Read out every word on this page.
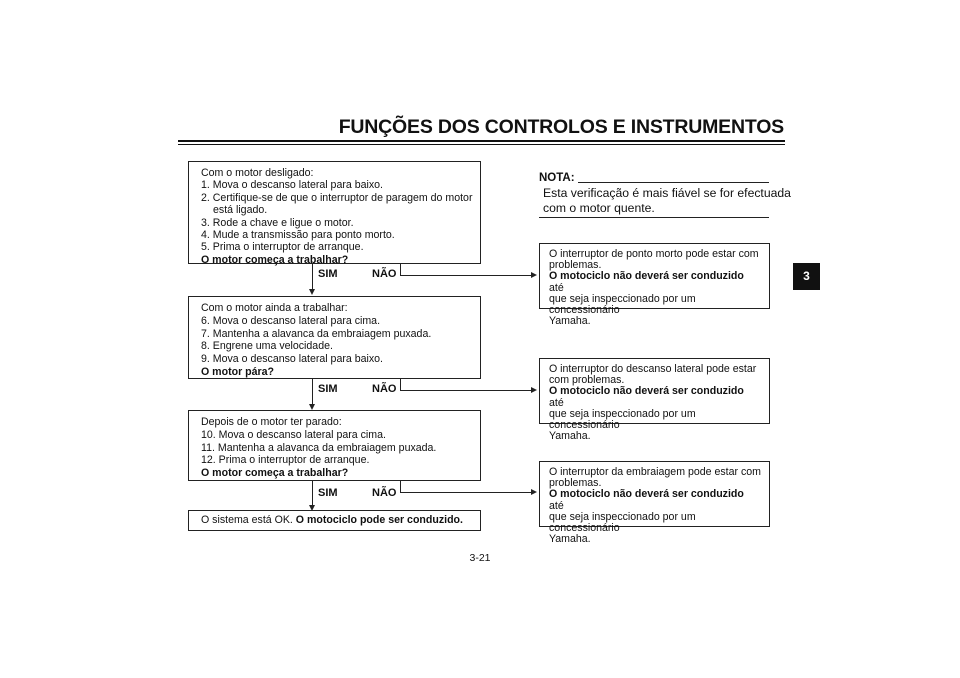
FUNÇÕES DOS CONTROLOS E INSTRUMENTOS
3
Com o motor desligado:
1. Mova o descanso lateral para baixo.
2. Certifique-se de que o interruptor de paragem do motor
está ligado.
3. Rode a chave e ligue o motor.
4. Mude a transmissão para ponto morto.
5. Prima o interruptor de arranque.
O motor começa a trabalhar?
SIM	NÃO
Com o motor ainda a trabalhar:
6. Mova o descanso lateral para cima.
7. Mantenha a alavanca da embraiagem puxada.
8. Engrene uma velocidade.
9. Mova o descanso lateral para baixo.
O motor pára?
SIM	NÃO
Depois de o motor ter parado:
10. Mova o descanso lateral para cima.
11. Mantenha a alavanca da embraiagem puxada.
12. Prima o interruptor de arranque.
O motor começa a trabalhar?
SIM	NÃO
O sistema está OK. O motociclo pode ser conduzido.
NOTA:
Esta verificação é mais fiável se for efectuada
com o motor quente.
O interruptor de ponto morto pode estar com
problemas.
O motociclo não deverá ser conduzido até
que seja inspeccionado por um concessionário
Yamaha.
O interruptor do descanso lateral pode estar
com problemas.
O motociclo não deverá ser conduzido até
que seja inspeccionado por um concessionário
Yamaha.
O interruptor da embraiagem pode estar com
problemas.
O motociclo não deverá ser conduzido até
que seja inspeccionado por um concessionário
Yamaha.
3-21
